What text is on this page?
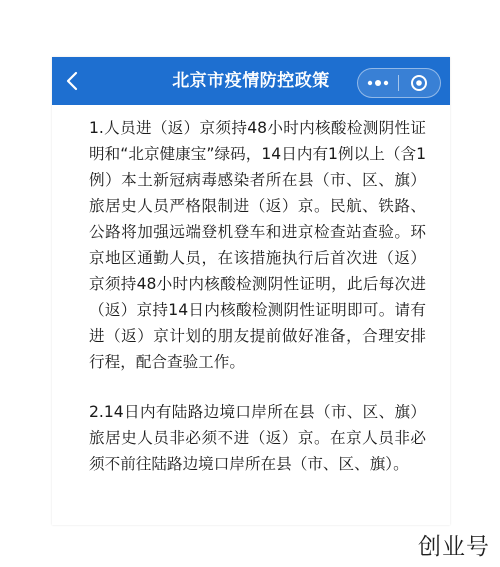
北京市疫情防控政策

1.人员进（返）京须持48小时内核酸检测阴性证明和“北京健康宝”绿码，14日内有1例以上（含1例）本土新冠病毒感染者所在县（市、区、旗）旅居史人员严格限制进（返）京。民航、铁路、公路将加强远端登机登车和进京检查站查验。环京地区通勤人员，在该措施执行后首次进（返）京须持48小时内核酸检测阴性证明，此后每次进（返）京持14日内核酸检测阴性证明即可。请有进（返）京计划的朋友提前做好准备，合理安排行程，配合查验工作。

2.14日内有陆路边境口岸所在县（市、区、旗）旅居史人员非必须不进（返）京。在京人员非必须不前往陆路边境口岸所在县（市、区、旗）。

创业号
